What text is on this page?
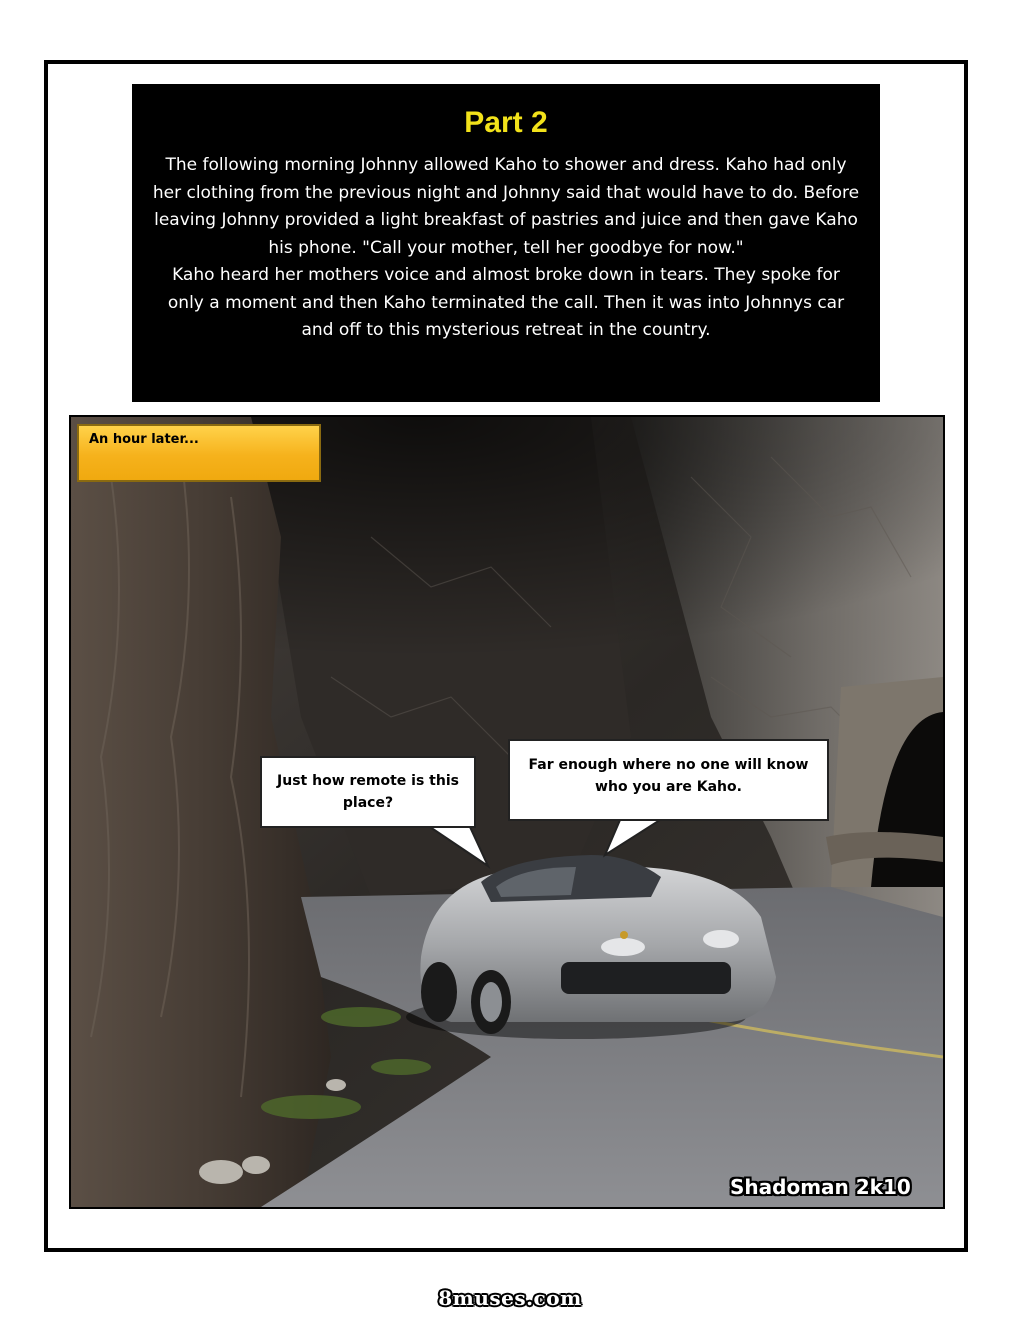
Part 2

The following morning Johnny allowed Kaho to shower and dress. Kaho had only her clothing from the previous night and Johnny said that would have to do. Before leaving Johnny provided a light breakfast of pastries and juice and then gave Kaho his phone. "Call your mother, tell her goodbye for now."

Kaho heard her mothers voice and almost broke down in tears. They spoke for only a moment and then Kaho terminated the call. Then it was into Johnnys car and off to this mysterious retreat in the country.

An hour later...
Just how remote is this place?
Far enough where no one will know who you are Kaho.
Shadoman 2k10
8muses.com
